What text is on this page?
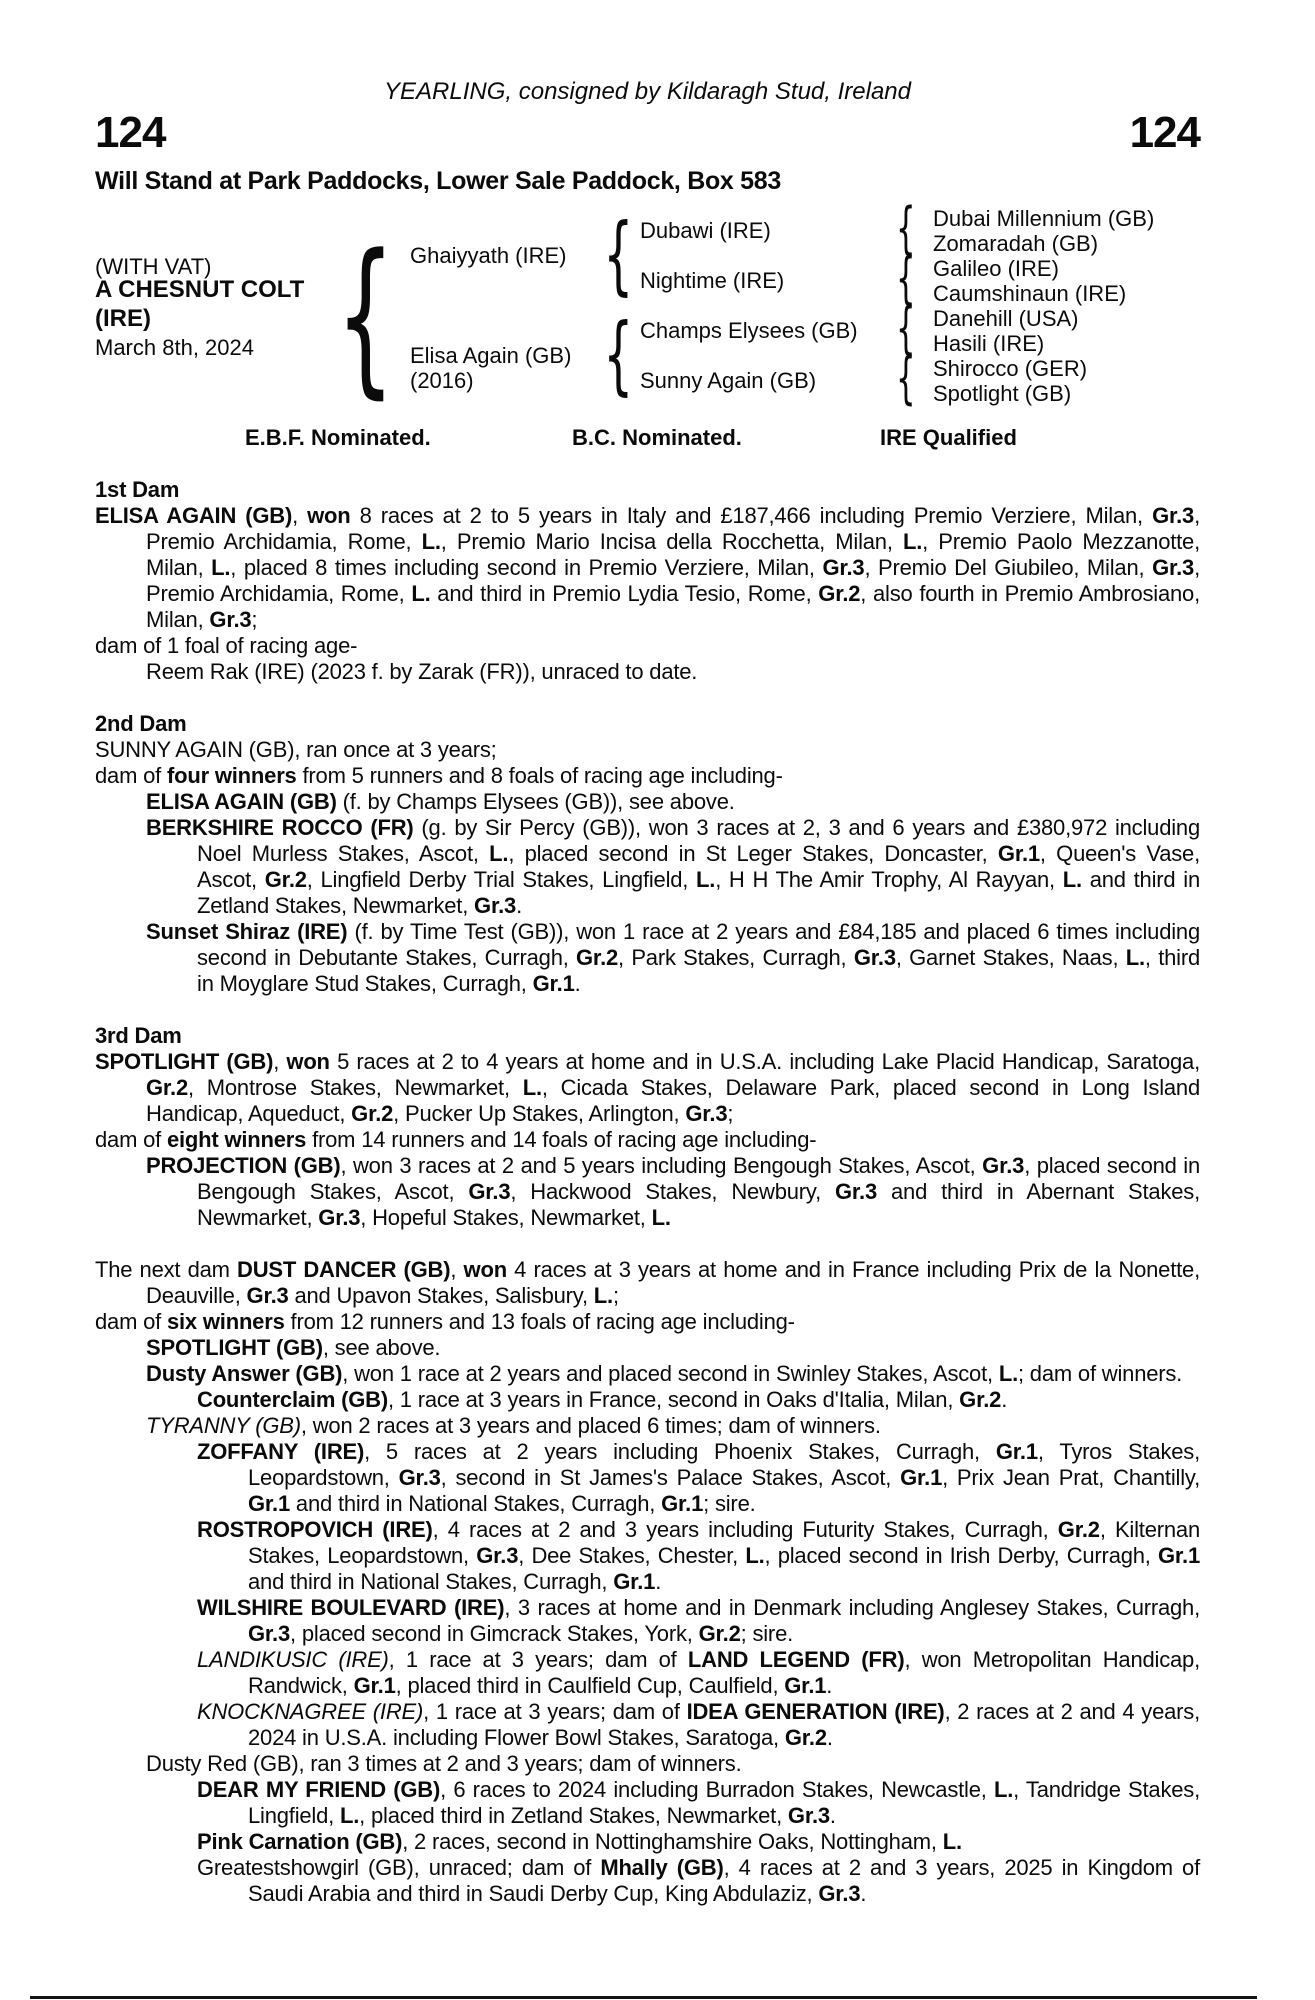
YEARLING, consigned by Kildaragh Stud, Ireland
124	124
Will Stand at Park Paddocks, Lower Sale Paddock, Box 583
(WITH VAT)
A CHESNUT COLT
(IRE)
March 8th, 2024
{
Ghaiyyath (IRE)
Elisa Again (GB)
(2016)
{
{
Dubawi (IRE)
Nightime (IRE)
Champs Elysees (GB)
Sunny Again (GB)
{
{
{
{
Dubai Millennium (GB)
Zomaradah (GB)
Galileo (IRE)
Caumshinaun (IRE)
Danehill (USA)
Hasili (IRE)
Shirocco (GER)
Spotlight (GB)
E.B.F. Nominated.	B.C. Nominated.	IRE Qualified
1st Dam
ELISA AGAIN (GB), won 8 races at 2 to 5 years in Italy and £187,466 including Premio Verziere, Milan, Gr.3, Premio Archidamia, Rome, L., Premio Mario Incisa della Rocchetta, Milan, L., Premio Paolo Mezzanotte, Milan, L., placed 8 times including second in Premio Verziere, Milan, Gr.3, Premio Del Giubileo, Milan, Gr.3, Premio Archidamia, Rome, L. and third in Premio Lydia Tesio, Rome, Gr.2, also fourth in Premio Ambrosiano, Milan, Gr.3;
dam of 1 foal of racing age-
Reem Rak (IRE) (2023 f. by Zarak (FR)), unraced to date.
2nd Dam
SUNNY AGAIN (GB), ran once at 3 years;
dam of four winners from 5 runners and 8 foals of racing age including-
ELISA AGAIN (GB) (f. by Champs Elysees (GB)), see above.
BERKSHIRE ROCCO (FR) (g. by Sir Percy (GB)), won 3 races at 2, 3 and 6 years and £380,972 including Noel Murless Stakes, Ascot, L., placed second in St Leger Stakes, Doncaster, Gr.1, Queen's Vase, Ascot, Gr.2, Lingfield Derby Trial Stakes, Lingfield, L., H H The Amir Trophy, Al Rayyan, L. and third in Zetland Stakes, Newmarket, Gr.3.
Sunset Shiraz (IRE) (f. by Time Test (GB)), won 1 race at 2 years and £84,185 and placed 6 times including second in Debutante Stakes, Curragh, Gr.2, Park Stakes, Curragh, Gr.3, Garnet Stakes, Naas, L., third in Moyglare Stud Stakes, Curragh, Gr.1.
3rd Dam
SPOTLIGHT (GB), won 5 races at 2 to 4 years at home and in U.S.A. including Lake Placid Handicap, Saratoga, Gr.2, Montrose Stakes, Newmarket, L., Cicada Stakes, Delaware Park, placed second in Long Island Handicap, Aqueduct, Gr.2, Pucker Up Stakes, Arlington, Gr.3;
dam of eight winners from 14 runners and 14 foals of racing age including-
PROJECTION (GB), won 3 races at 2 and 5 years including Bengough Stakes, Ascot, Gr.3, placed second in Bengough Stakes, Ascot, Gr.3, Hackwood Stakes, Newbury, Gr.3 and third in Abernant Stakes, Newmarket, Gr.3, Hopeful Stakes, Newmarket, L.
The next dam DUST DANCER (GB), won 4 races at 3 years at home and in France including Prix de la Nonette, Deauville, Gr.3 and Upavon Stakes, Salisbury, L.;
dam of six winners from 12 runners and 13 foals of racing age including-
SPOTLIGHT (GB), see above.
Dusty Answer (GB), won 1 race at 2 years and placed second in Swinley Stakes, Ascot, L.; dam of winners.
Counterclaim (GB), 1 race at 3 years in France, second in Oaks d'Italia, Milan, Gr.2.
TYRANNY (GB), won 2 races at 3 years and placed 6 times; dam of winners.
ZOFFANY (IRE), 5 races at 2 years including Phoenix Stakes, Curragh, Gr.1, Tyros Stakes, Leopardstown, Gr.3, second in St James's Palace Stakes, Ascot, Gr.1, Prix Jean Prat, Chantilly, Gr.1 and third in National Stakes, Curragh, Gr.1; sire.
ROSTROPOVICH (IRE), 4 races at 2 and 3 years including Futurity Stakes, Curragh, Gr.2, Kilternan Stakes, Leopardstown, Gr.3, Dee Stakes, Chester, L., placed second in Irish Derby, Curragh, Gr.1 and third in National Stakes, Curragh, Gr.1.
WILSHIRE BOULEVARD (IRE), 3 races at home and in Denmark including Anglesey Stakes, Curragh, Gr.3, placed second in Gimcrack Stakes, York, Gr.2; sire.
LANDIKUSIC (IRE), 1 race at 3 years; dam of LAND LEGEND (FR), won Metropolitan Handicap, Randwick, Gr.1, placed third in Caulfield Cup, Caulfield, Gr.1.
KNOCKNAGREE (IRE), 1 race at 3 years; dam of IDEA GENERATION (IRE), 2 races at 2 and 4 years, 2024 in U.S.A. including Flower Bowl Stakes, Saratoga, Gr.2.
Dusty Red (GB), ran 3 times at 2 and 3 years; dam of winners.
DEAR MY FRIEND (GB), 6 races to 2024 including Burradon Stakes, Newcastle, L., Tandridge Stakes, Lingfield, L., placed third in Zetland Stakes, Newmarket, Gr.3.
Pink Carnation (GB), 2 races, second in Nottinghamshire Oaks, Nottingham, L.
Greatestshowgirl (GB), unraced; dam of Mhally (GB), 4 races at 2 and 3 years, 2025 in Kingdom of Saudi Arabia and third in Saudi Derby Cup, King Abdulaziz, Gr.3.
